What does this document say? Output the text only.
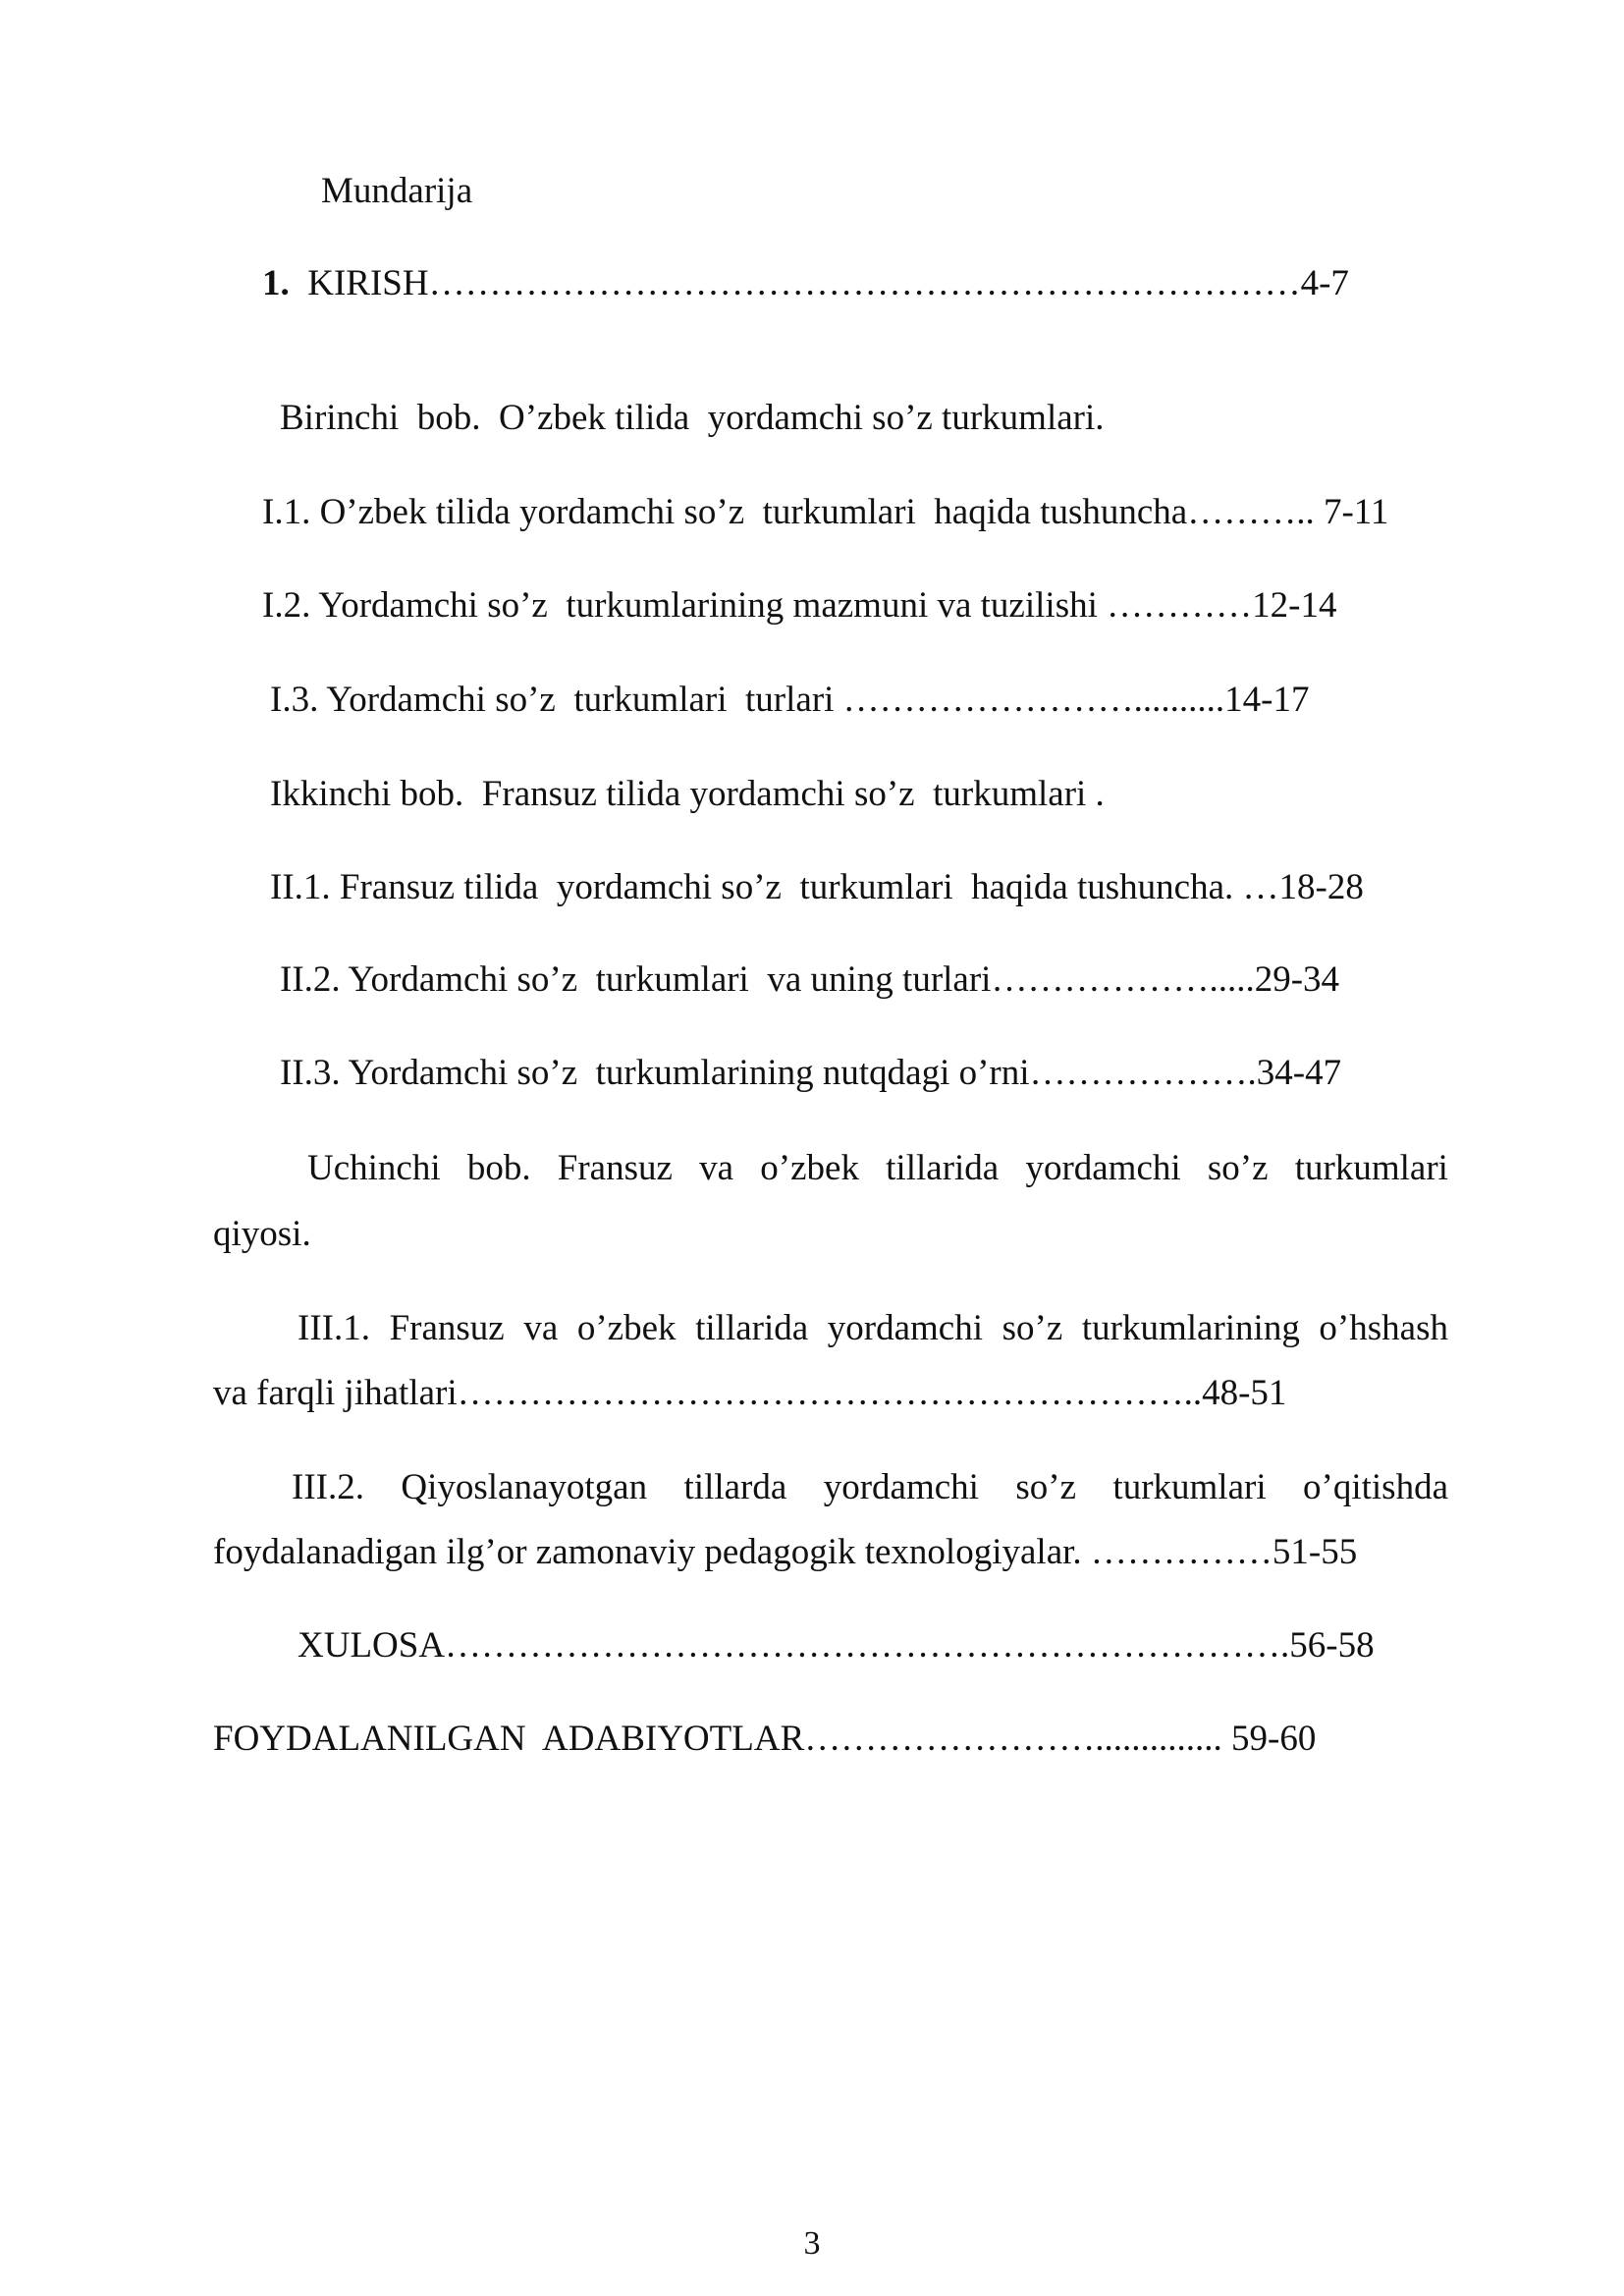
Mundarija
1. KIRISH………………………………………………………………4-7
Birinchi  bob.  O’zbek tilida  yordamchi so’z turkumlari.
I.1. O’zbek tilida yordamchi so’z  turkumlari  haqida tushuncha……….. 7-11
I.2. Yordamchi so’z  turkumlarining mazmuni va tuzilishi …………12-14
I.3. Yordamchi so’z  turkumlari  turlari ……………………..........14-17
Ikkinchi bob.  Fransuz tilida yordamchi so’z  turkumlari .
II.1. Fransuz tilida  yordamchi so’z  turkumlari  haqida tushuncha. …18-28
II.2. Yordamchi so’z  turkumlari  va uning turlari……………….....29-34
II.3. Yordamchi so’z  turkumlarining nutqdagi o’rni……………….34-47
Uchinchi bob. Fransuz va o’zbek tillarida yordamchi so’z turkumlari
qiyosi.
III.1. Fransuz va o’zbek tillarida yordamchi so’z turkumlarining o’hshash
va farqli jihatlari……………………………………………………..48-51
III.2. Qiyoslanayotgan tillarda yordamchi so’z turkumlari o’qitishda
foydalanadigan ilg’or zamonaviy pedagogik texnologiyalar. ……………51-55
XULOSA…………………………………………………………….56-58
FOYDALANILGAN  ADABIYOTLAR…………………….............. 59-60
3
